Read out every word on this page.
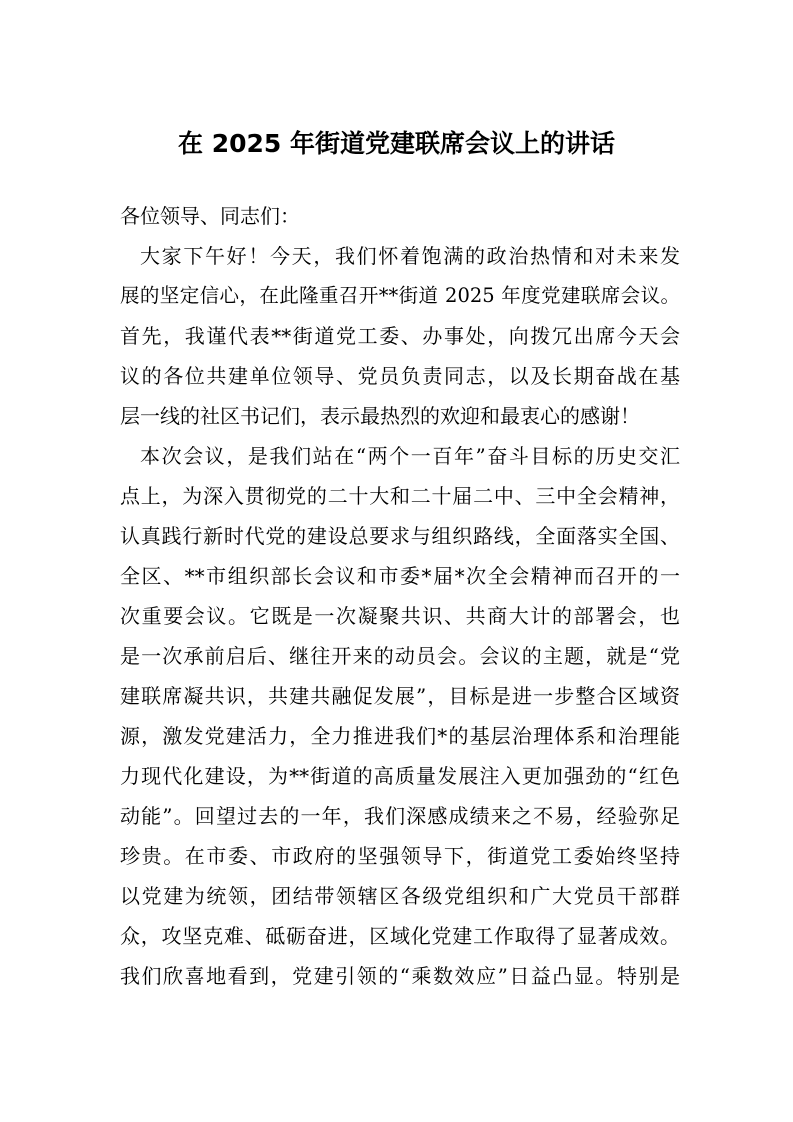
在 2025 年街道党建联席会议上的讲话
各位领导、同志们：
大家下午好！今天，我们怀着饱满的政治热情和对未来发
展的坚定信心，在此隆重召开**街道 2025 年度党建联席会议。
首先，我谨代表**街道党工委、办事处，向拨冗出席今天会
议的各位共建单位领导、党员负责同志，以及长期奋战在基
层一线的社区书记们，表示最热烈的欢迎和最衷心的感谢！
本次会议，是我们站在“两个一百年”奋斗目标的历史交汇
点上，为深入贯彻党的二十大和二十届二中、三中全会精神，
认真践行新时代党的建设总要求与组织路线，全面落实全国、
全区、**市组织部长会议和市委*届*次全会精神而召开的一
次重要会议。它既是一次凝聚共识、共商大计的部署会，也
是一次承前启后、继往开来的动员会。会议的主题，就是“党
建联席凝共识，共建共融促发展”，目标是进一步整合区域资
源，激发党建活力，全力推进我们*的基层治理体系和治理能
力现代化建设，为**街道的高质量发展注入更加强劲的“红色
动能”。回望过去的一年，我们深感成绩来之不易，经验弥足
珍贵。在市委、市政府的坚强领导下，街道党工委始终坚持
以党建为统领，团结带领辖区各级党组织和广大党员干部群
众，攻坚克难、砥砺奋进，区域化党建工作取得了显著成效。
我们欣喜地看到，党建引领的“乘数效应”日益凸显。特别是
